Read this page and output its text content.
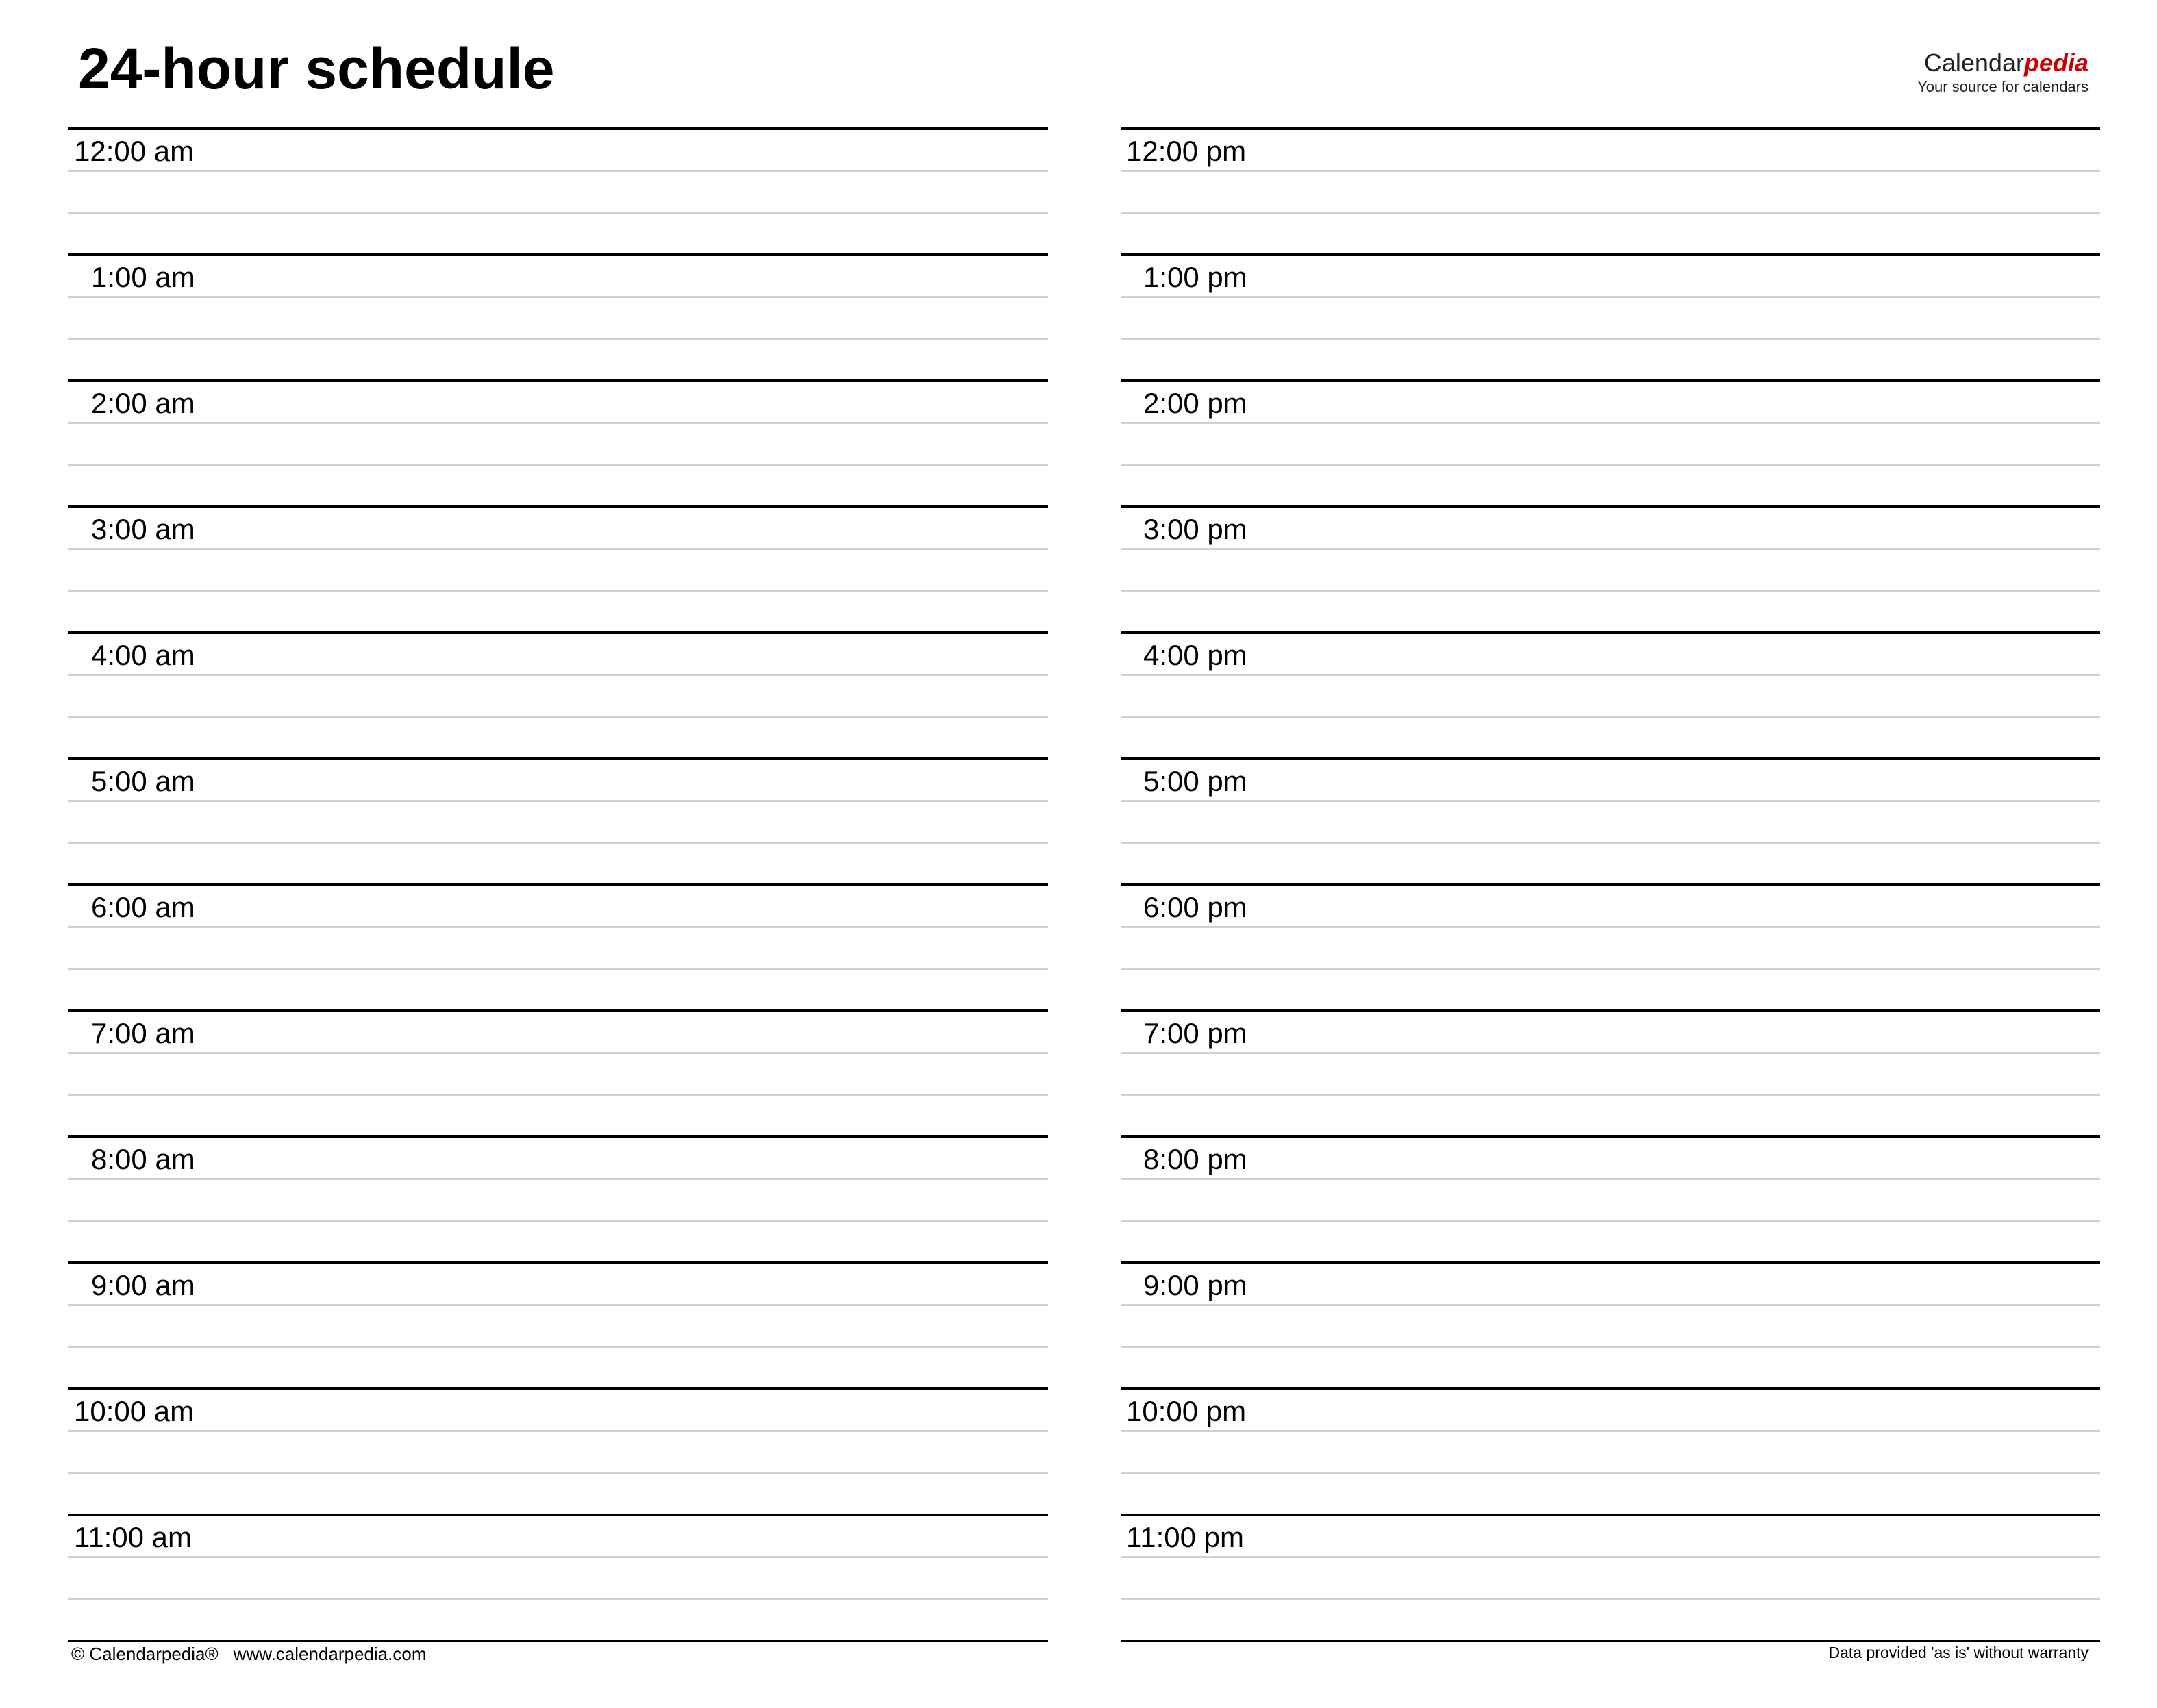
24-hour schedule	Calendarpedia
Your source for calendars
12:00 am
1:00 am
2:00 am
3:00 am
4:00 am
5:00 am
6:00 am
7:00 am
8:00 am
9:00 am
10:00 am
11:00 am
12:00 pm
1:00 pm
2:00 pm
3:00 pm
4:00 pm
5:00 pm
6:00 pm
7:00 pm
8:00 pm
9:00 pm
10:00 pm
11:00 pm
© Calendarpedia® www.calendarpedia.com	Data provided 'as is' without warranty
